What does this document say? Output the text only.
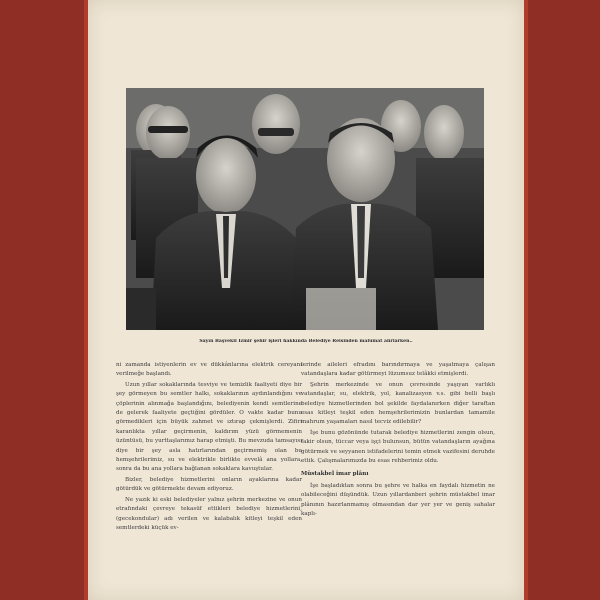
Sayın Başvekil İzmir şehir işleri hakkında Belediye Reisinden malûmat alırlarken..

ni zamanda istiyenlerin ev ve dükkânlarına elektrik cereyanı verilmeğe başlandı.

Uzun yıllar sokaklarında tesviye ve temizlik faaliyeti diye bir şey görmeyen bu semtler halkı, sokaklarının aydınlandığını ve çöplerinin alınmağa başlandığını, belediyenin kendi semtlerine de gelerek faaliyete geçtiğini gördüler. O vakte kadar bunu görmedikleri için büyük zahmet ve ıztırap çekmişlerdi. Zifiri karanlıkta yıllar geçirmenin, kaldırım yüzü görmemenin üzüntüsü, bu yurttaşlarımız harap etmişti. Bu mevzuda tamsayısı diye bir şey asla hatırlarından geçirmemiş olan bu hemşehrilerimiz, su ve elektrikle birlikte evvelâ ana yollara, sonra da bu ana yollara bağlanan sokaklara kavuştular.

Bizler, belediye hizmetlerini onların ayaklarına kadar götürdük ve götürmekte devam ediyoruz.

Ne yazık ki eski belediyeler yalnız şehrin merkezine ve onun etrafındaki çevreye tekasüf ettikleri belediye hizmetlerini, (gecekondular) adı verilen ve kalabalık kitleyi teşkil eden semtlerdeki küçük ev-

lerinde aileleri efradını barındırmaya ve yaşatmaya çalışan vatandaşlara kadar götürmeyi lüzumsuz telâkki etmişlerdi.

Şehrin merkezinde ve onun çevresinde yaşıyan varlıklı vatandaşlar, su, elektrik, yol, kanalizasyon v.s. gibi belli başlı belediye hizmetlerinden bol şekilde faydalanırken diğer taraftan esas kitleyi teşkil eden hemşehrilerimizin bunlardan tamamile mahrum yaşamaları nasıl tecviz edilebilir?

İşe bunu gözönünde tutarak belediye hizmetlerini zengin olsun, fakir olsun, tüccar veya işçi bulunsun, bütün vatandaşların ayağına götürmek ve seyyanen istifadelerini temin etmek vazifesini deruhde ettik. Çalışmalarımızda bu esas rehberimiz oldu.

Müstakbel imar plânı

İşe başladıktan sonra bu şehre ve halka en faydalı hizmetin ne olabileceğini düşündük. Uzun yıllardanberi şehrin müstakbel imar plânının hazırlanmamış olmasından dar yer yer ve geniş sahalar kaplı-
